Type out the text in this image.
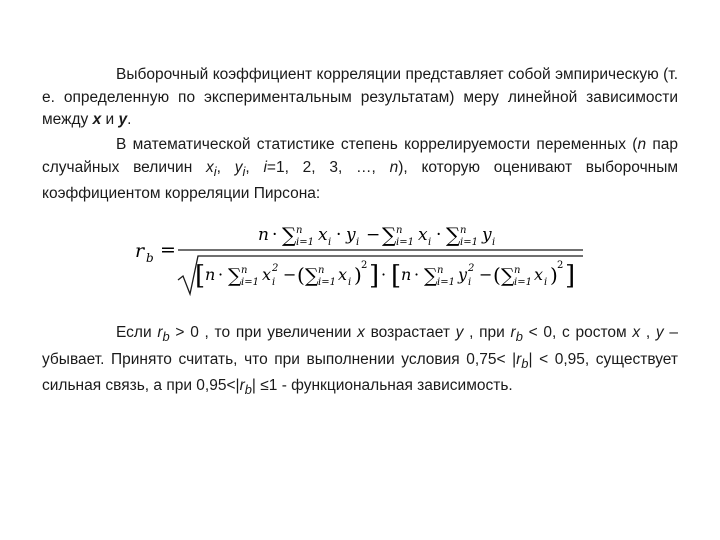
Выборочный коэффициент корреляции представляет собой эмпирическую (т. е. определенную по экспериментальным результатам) меру линейной зависимости между x и y.

В математической статистике степень коррелируемости переменных (n пар случайных величин $x_i$, $y_i$, i=1, 2, 3, …, n), которую оценивают выборочным коэффициентом корреляции Пирсона:

r b =
n · ∑ n
i=1 x i · y i − ∑ n
i=1 x i · ∑ n
i=1 y i
[ n · ∑ n
i=1 x 2
i − ( ∑ n
i=1 x i ) 2 ] · [ n · ∑ n
i=1 y 2
i − ( ∑ n
i=1 x i ) 2 ]

Если $r_b > 0$ , то при увеличении x возрастает y , при $r_b < 0$, с ростом x , y – убывает. Принято считать, что при выполнении условия $0,75< |r_b| < 0,95$, существует сильная связь, а при $0,95<|r_b| \le 1$ - функциональная зависимость.
